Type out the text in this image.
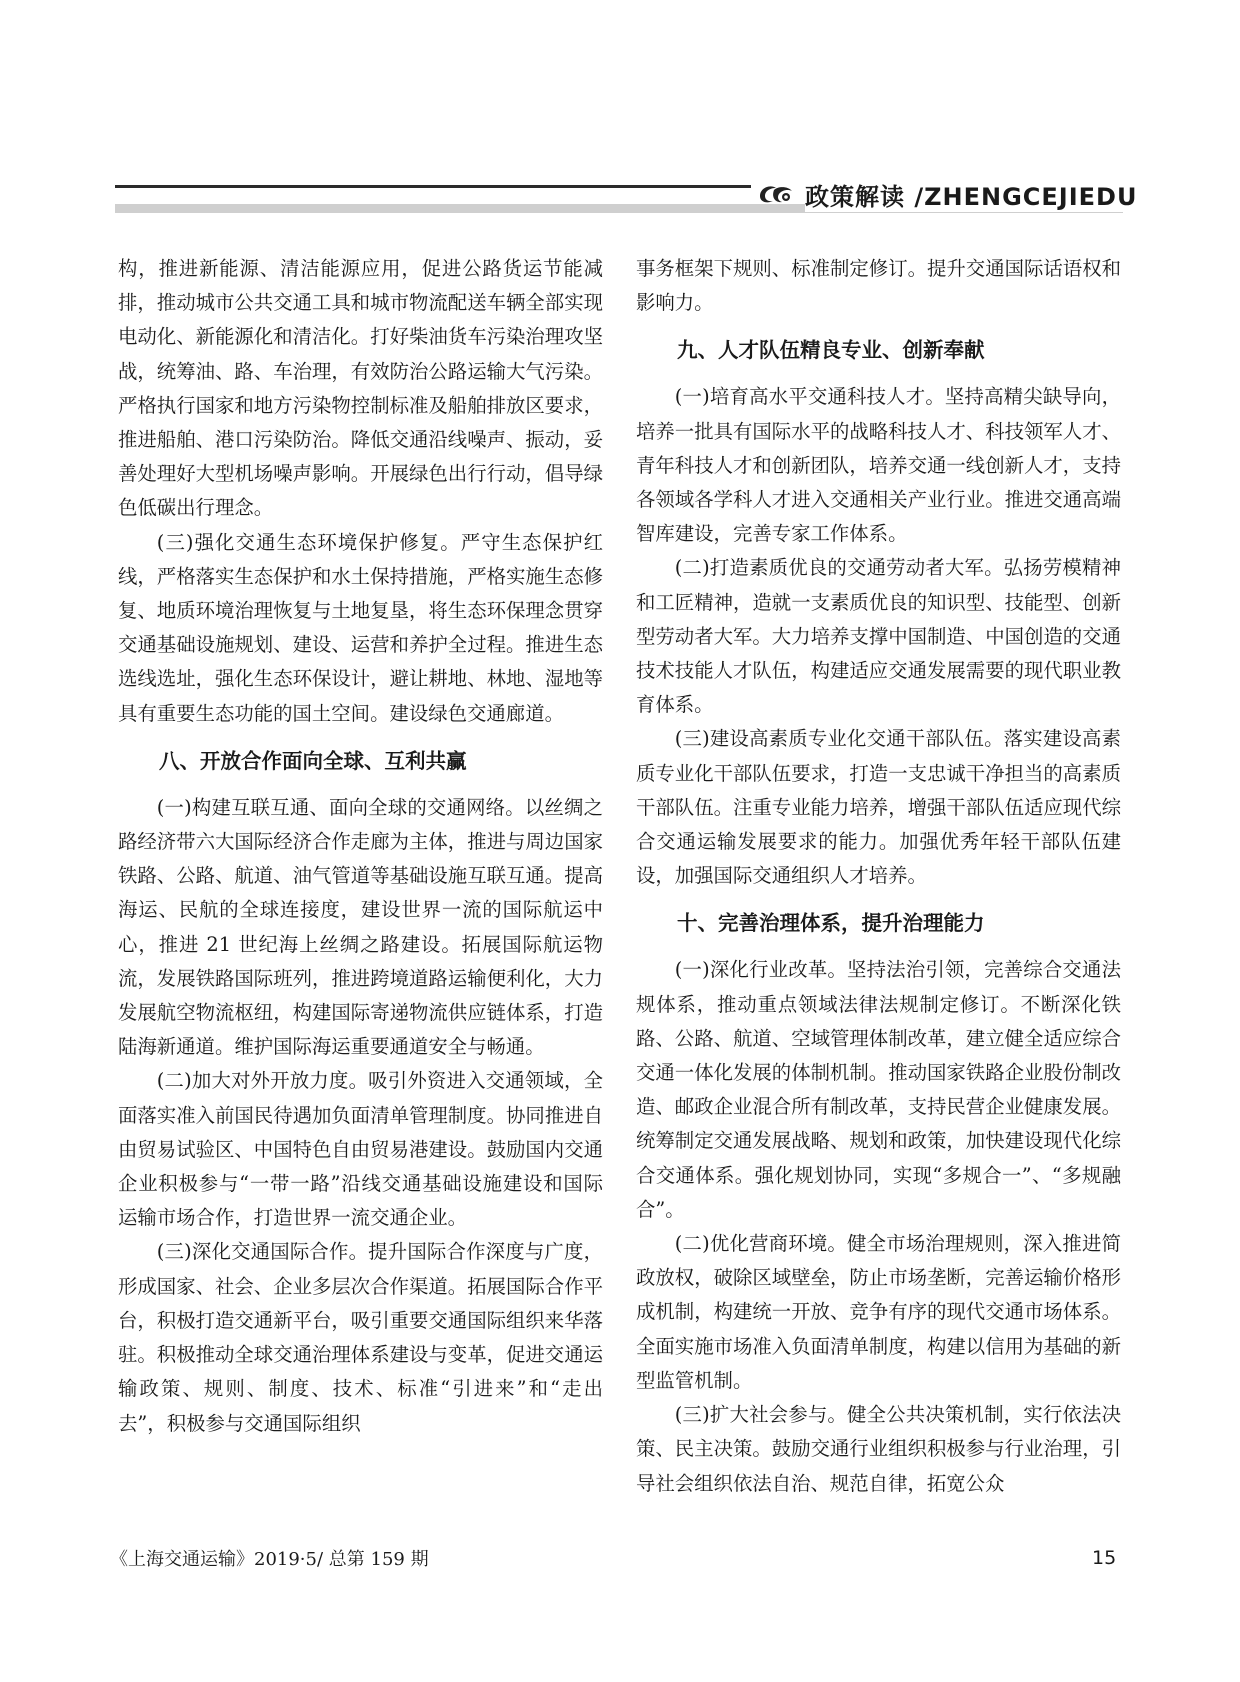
政策解读 /ZHENGCEJIEDU

构，推进新能源、清洁能源应用，促进公路货运节能减排，推动城市公共交通工具和城市物流配送车辆全部实现电动化、新能源化和清洁化。打好柴油货车污染治理攻坚战，统筹油、路、车治理，有效防治公路运输大气污染。严格执行国家和地方污染物控制标准及船舶排放区要求，推进船舶、港口污染防治。降低交通沿线噪声、振动，妥善处理好大型机场噪声影响。开展绿色出行行动，倡导绿色低碳出行理念。

(三)强化交通生态环境保护修复。严守生态保护红线，严格落实生态保护和水土保持措施，严格实施生态修复、地质环境治理恢复与土地复垦，将生态环保理念贯穿交通基础设施规划、建设、运营和养护全过程。推进生态选线选址，强化生态环保设计，避让耕地、林地、湿地等具有重要生态功能的国土空间。建设绿色交通廊道。

八、开放合作面向全球、互利共赢

(一)构建互联互通、面向全球的交通网络。以丝绸之路经济带六大国际经济合作走廊为主体，推进与周边国家铁路、公路、航道、油气管道等基础设施互联互通。提高海运、民航的全球连接度，建设世界一流的国际航运中心，推进 21 世纪海上丝绸之路建设。拓展国际航运物流，发展铁路国际班列，推进跨境道路运输便利化，大力发展航空物流枢纽，构建国际寄递物流供应链体系，打造陆海新通道。维护国际海运重要通道安全与畅通。

(二)加大对外开放力度。吸引外资进入交通领域，全面落实准入前国民待遇加负面清单管理制度。协同推进自由贸易试验区、中国特色自由贸易港建设。鼓励国内交通企业积极参与“一带一路”沿线交通基础设施建设和国际运输市场合作，打造世界一流交通企业。

(三)深化交通国际合作。提升国际合作深度与广度，形成国家、社会、企业多层次合作渠道。拓展国际合作平台，积极打造交通新平台，吸引重要交通国际组织来华落驻。积极推动全球交通治理体系建设与变革，促进交通运输政策、规则、制度、技术、标准“引进来”和“走出去”，积极参与交通国际组织

事务框架下规则、标准制定修订。提升交通国际话语权和影响力。

九、人才队伍精良专业、创新奉献

(一)培育高水平交通科技人才。坚持高精尖缺导向，培养一批具有国际水平的战略科技人才、科技领军人才、青年科技人才和创新团队，培养交通一线创新人才，支持各领域各学科人才进入交通相关产业行业。推进交通高端智库建设，完善专家工作体系。

(二)打造素质优良的交通劳动者大军。弘扬劳模精神和工匠精神，造就一支素质优良的知识型、技能型、创新型劳动者大军。大力培养支撑中国制造、中国创造的交通技术技能人才队伍，构建适应交通发展需要的现代职业教育体系。

(三)建设高素质专业化交通干部队伍。落实建设高素质专业化干部队伍要求，打造一支忠诚干净担当的高素质干部队伍。注重专业能力培养，增强干部队伍适应现代综合交通运输发展要求的能力。加强优秀年轻干部队伍建设，加强国际交通组织人才培养。

十、完善治理体系，提升治理能力

(一)深化行业改革。坚持法治引领，完善综合交通法规体系，推动重点领域法律法规制定修订。不断深化铁路、公路、航道、空域管理体制改革，建立健全适应综合交通一体化发展的体制机制。推动国家铁路企业股份制改造、邮政企业混合所有制改革，支持民营企业健康发展。统筹制定交通发展战略、规划和政策，加快建设现代化综合交通体系。强化规划协同，实现“多规合一”、“多规融合”。

(二)优化营商环境。健全市场治理规则，深入推进简政放权，破除区域壁垒，防止市场垄断，完善运输价格形成机制，构建统一开放、竞争有序的现代交通市场体系。全面实施市场准入负面清单制度，构建以信用为基础的新型监管机制。

(三)扩大社会参与。健全公共决策机制，实行依法决策、民主决策。鼓励交通行业组织积极参与行业治理，引导社会组织依法自治、规范自律，拓宽公众

《上海交通运输》2019·5/ 总第 159 期	15
